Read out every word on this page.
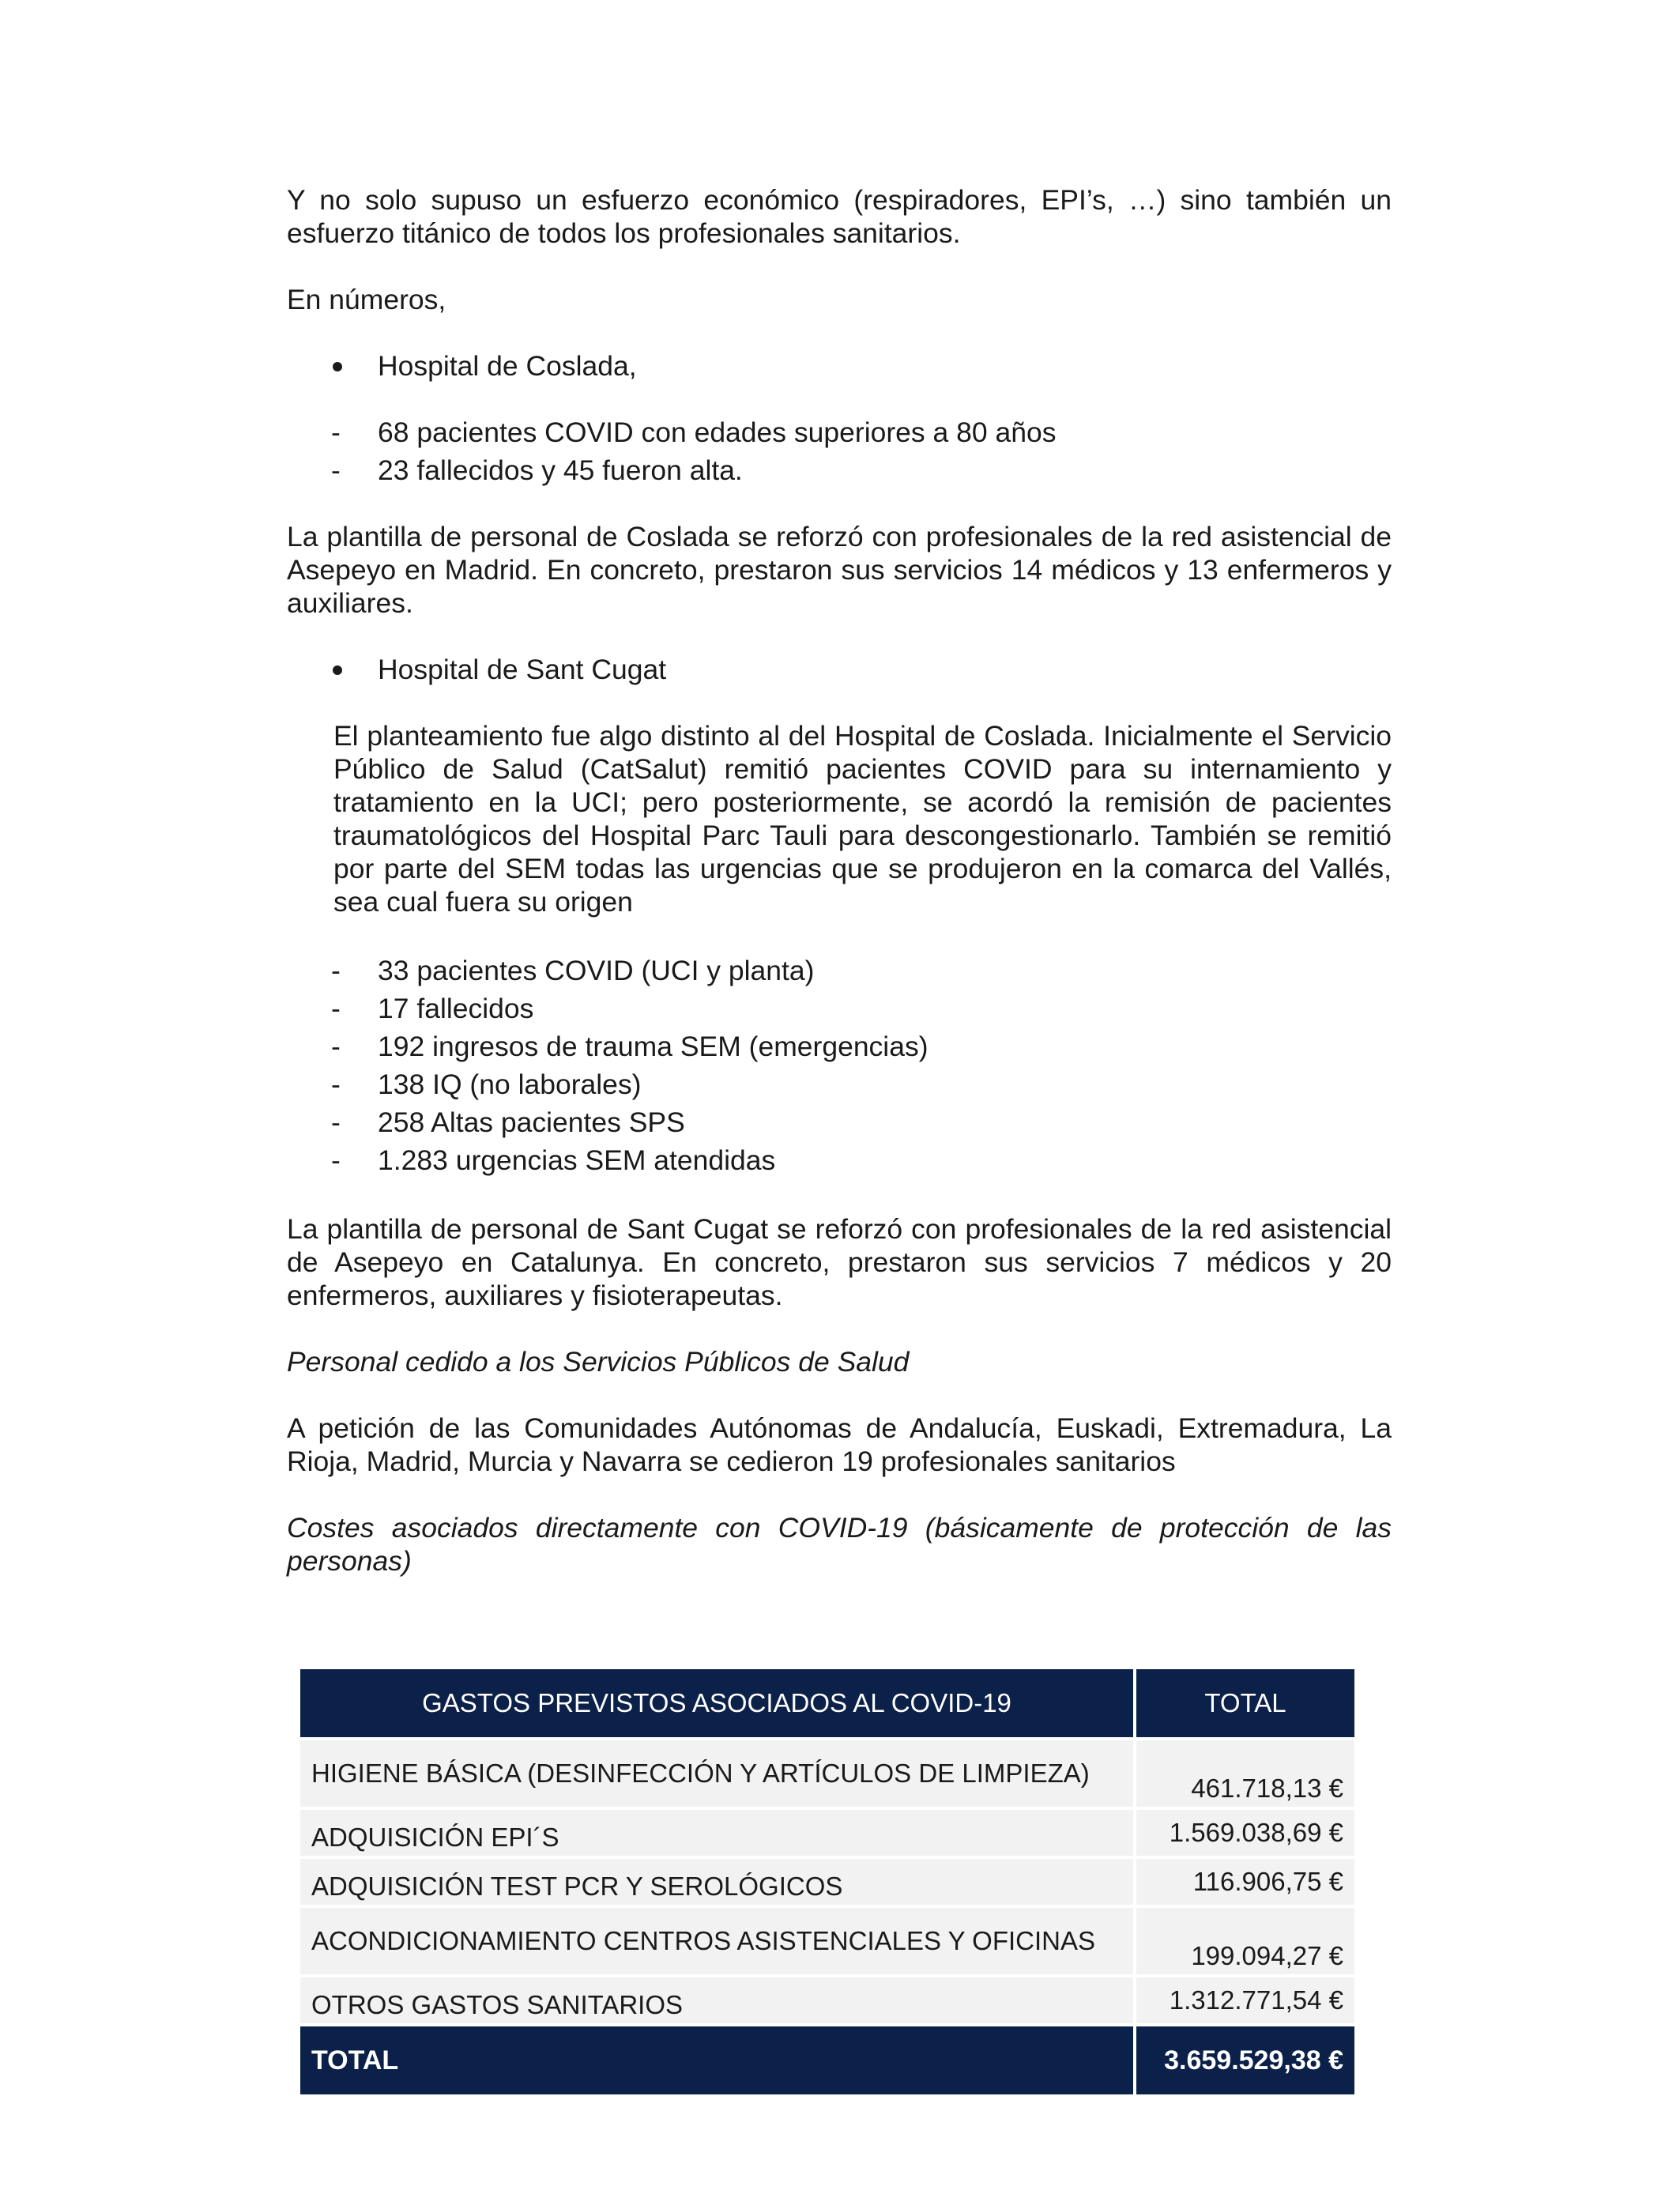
Y no solo supuso un esfuerzo económico (respiradores, EPI’s, …) sino también un esfuerzo titánico de todos los profesionales sanitarios.

En números,

Hospital de Coslada,
- 68 pacientes COVID con edades superiores a 80 años
- 23 fallecidos y 45 fueron alta.

La plantilla de personal de Coslada se reforzó con profesionales de la red asistencial de Asepeyo en Madrid. En concreto, prestaron sus servicios 14 médicos y 13 enfermeros y auxiliares.

Hospital de Sant Cugat

El planteamiento fue algo distinto al del Hospital de Coslada. Inicialmente el Servicio Público de Salud (CatSalut) remitió pacientes COVID para su internamiento y tratamiento en la UCI; pero posteriormente, se acordó la remisión de pacientes traumatológicos del Hospital Parc Tauli para descongestionarlo. También se remitió por parte del SEM todas las urgencias que se produjeron en la comarca del Vallés, sea cual fuera su origen

- 33 pacientes COVID (UCI y planta)
- 17 fallecidos
- 192 ingresos de trauma SEM (emergencias)
- 138 IQ (no laborales)
- 258 Altas pacientes SPS
- 1.283 urgencias SEM atendidas

La plantilla de personal de Sant Cugat se reforzó con profesionales de la red asistencial de Asepeyo en Catalunya. En concreto, prestaron sus servicios 7 médicos y 20 enfermeros, auxiliares y fisioterapeutas.

Personal cedido a los Servicios Públicos de Salud

A petición de las Comunidades Autónomas de Andalucía, Euskadi, Extremadura, La Rioja, Madrid, Murcia y Navarra se cedieron 19 profesionales sanitarios

Costes asociados directamente con COVID-19 (básicamente de protección de las personas)

GASTOS PREVISTOS ASOCIADOS AL COVID-19	TOTAL
HIGIENE BÁSICA (DESINFECCIÓN Y ARTÍCULOS DE LIMPIEZA)	461.718,13 €
ADQUISICIÓN EPI´S	1.569.038,69 €
ADQUISICIÓN TEST PCR Y SEROLÓGICOS	116.906,75 €
ACONDICIONAMIENTO CENTROS ASISTENCIALES Y OFICINAS	199.094,27 €
OTROS GASTOS SANITARIOS	1.312.771,54 €
TOTAL	3.659.529,38 €
